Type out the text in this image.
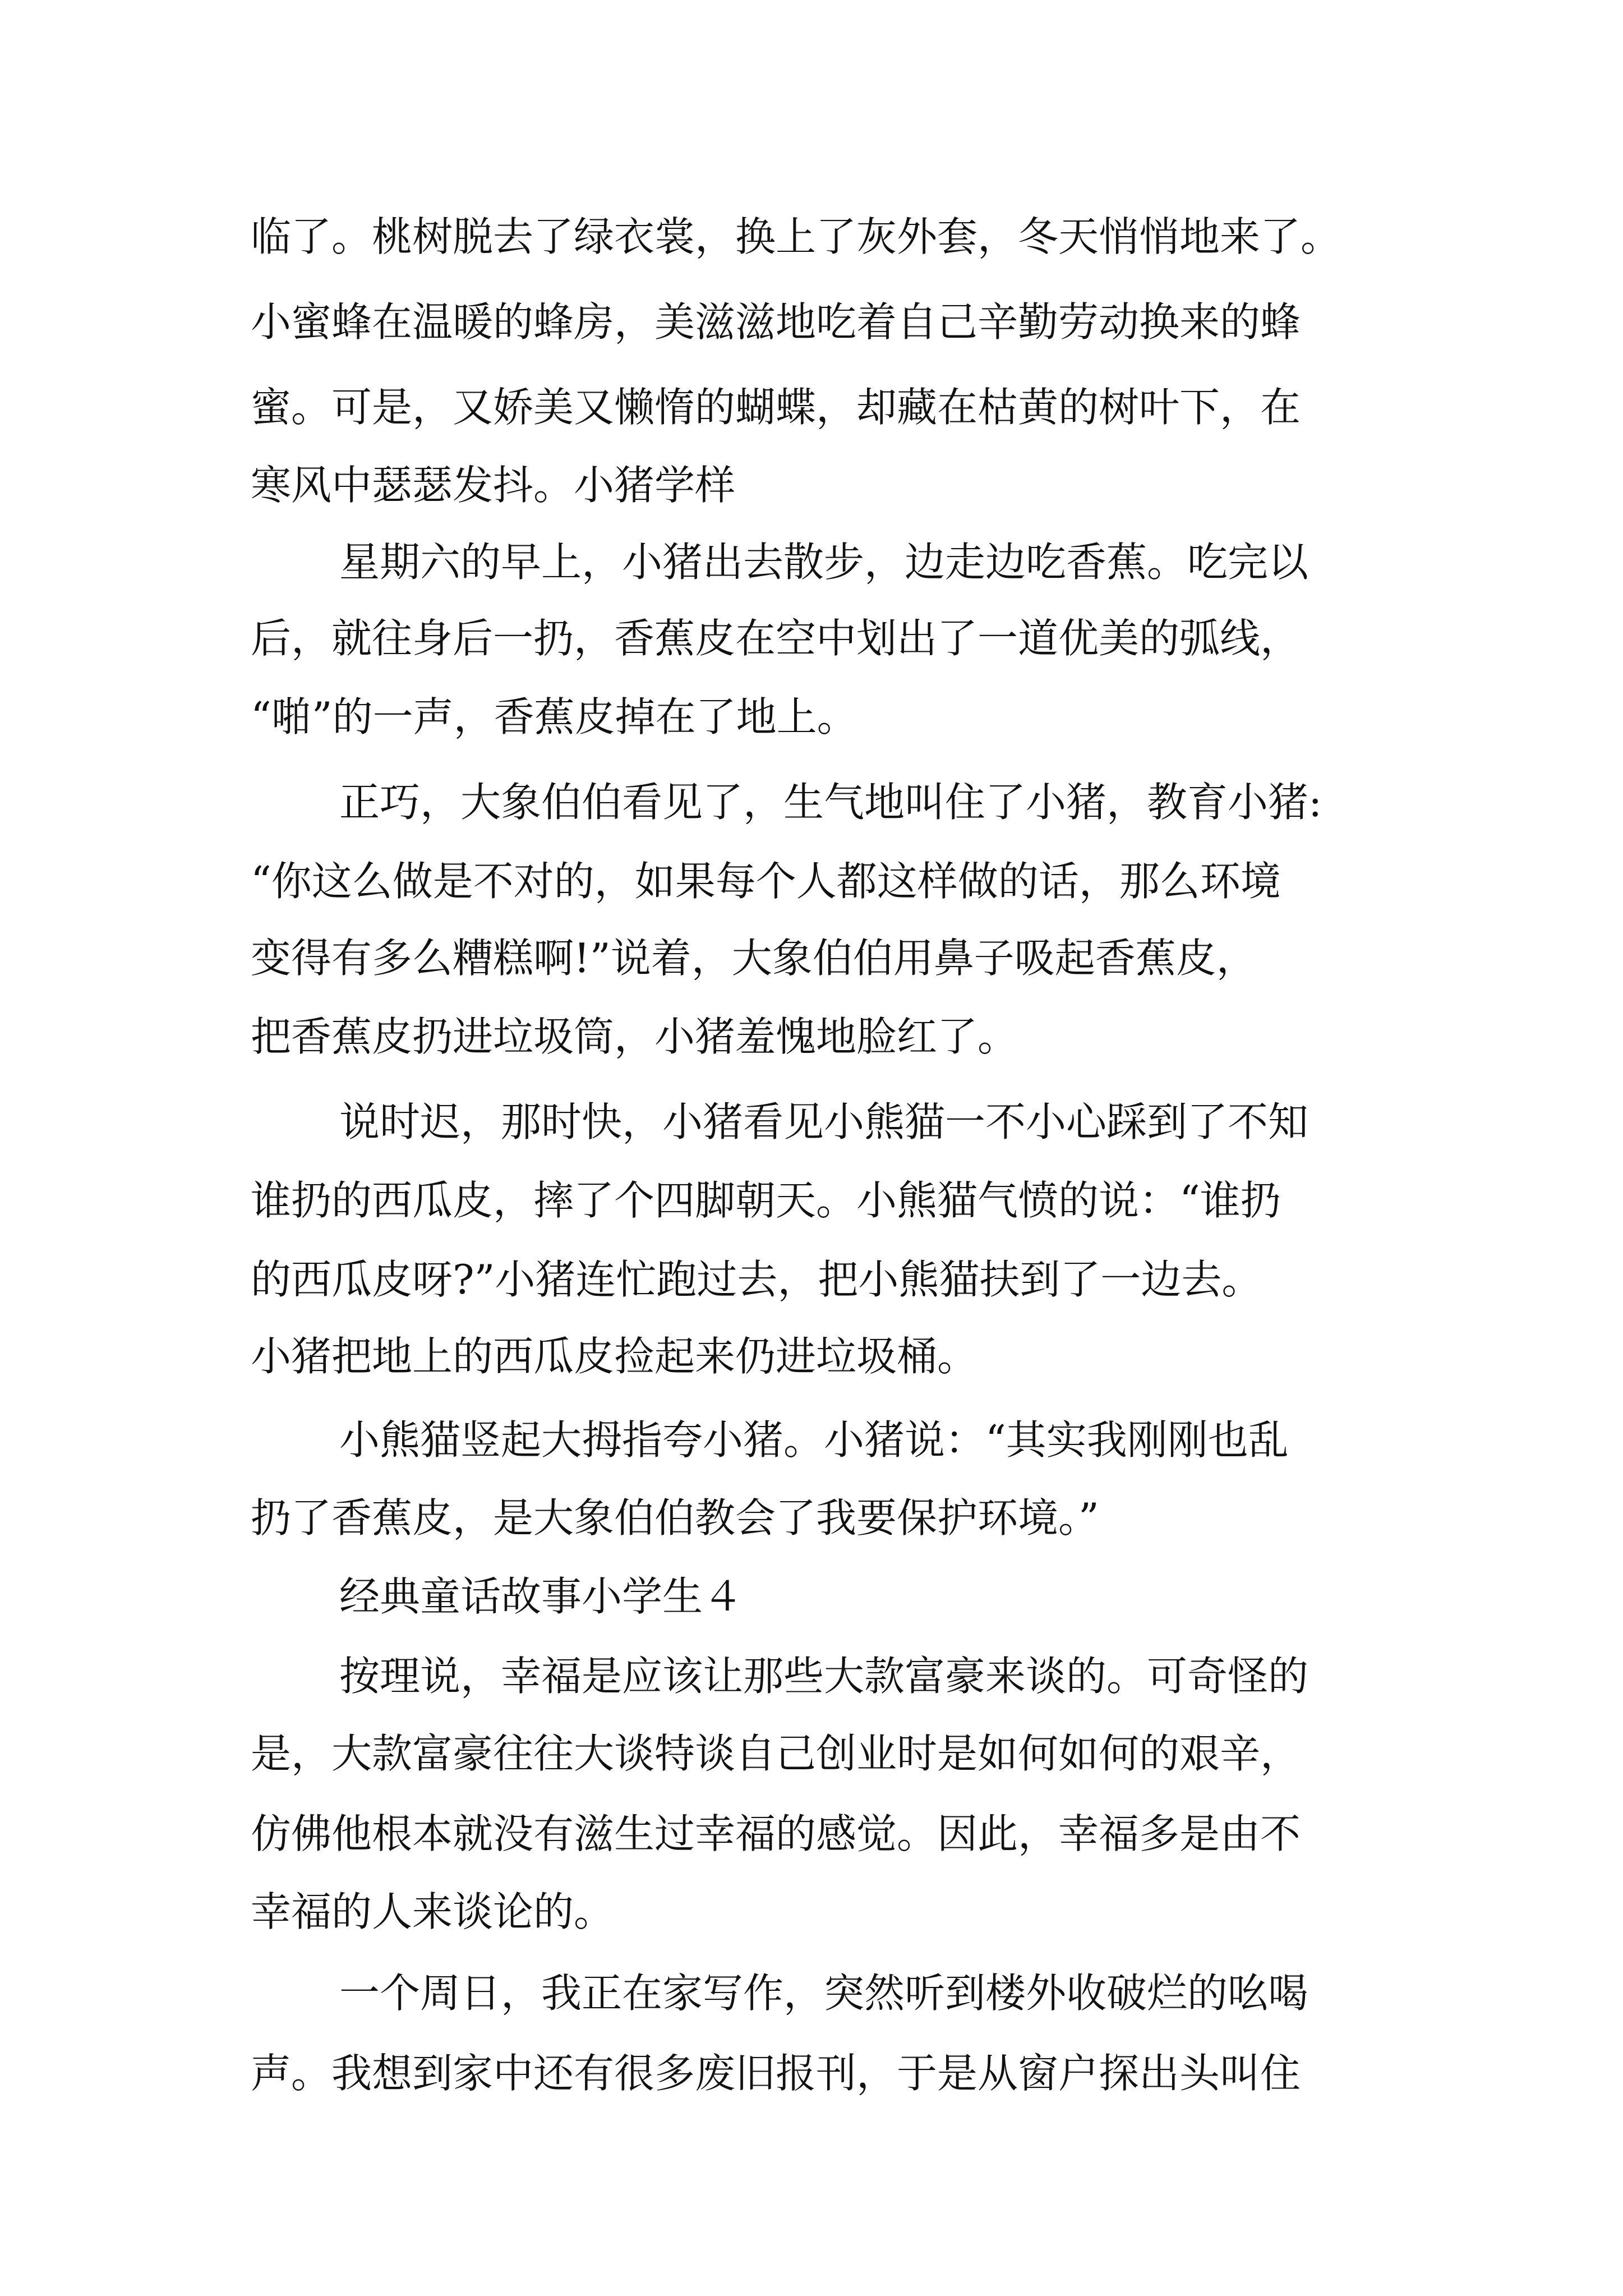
临了。桃树脱去了绿衣裳，换上了灰外套，冬天悄悄地来了。
小蜜蜂在温暖的蜂房，美滋滋地吃着自己辛勤劳动换来的蜂
蜜。可是，又娇美又懒惰的蝴蝶，却藏在枯黄的树叶下，在
寒风中瑟瑟发抖。小猪学样
星期六的早上，小猪出去散步，边走边吃香蕉。吃完以
后，就往身后一扔，香蕉皮在空中划出了一道优美的弧线，
“啪”的一声，香蕉皮掉在了地上。
正巧，大象伯伯看见了，生气地叫住了小猪，教育小猪:
“你这么做是不对的，如果每个人都这样做的话，那么环境
变得有多么糟糕啊!”说着，大象伯伯用鼻子吸起香蕉皮，
把香蕉皮扔进垃圾筒，小猪羞愧地脸红了。
说时迟，那时快，小猪看见小熊猫一不小心踩到了不知
谁扔的西瓜皮，摔了个四脚朝天。小熊猫气愤的说：“谁扔
的西瓜皮呀?”小猪连忙跑过去，把小熊猫扶到了一边去。
小猪把地上的西瓜皮捡起来仍进垃圾桶。
小熊猫竖起大拇指夸小猪。小猪说：“其实我刚刚也乱
扔了香蕉皮，是大象伯伯教会了我要保护环境。”
经典童话故事小学生４
按理说，幸福是应该让那些大款富豪来谈的。可奇怪的
是，大款富豪往往大谈特谈自己创业时是如何如何的艰辛，
仿佛他根本就没有滋生过幸福的感觉。因此，幸福多是由不
幸福的人来谈论的。
一个周日，我正在家写作，突然听到楼外收破烂的吆喝
声。我想到家中还有很多废旧报刊，于是从窗户探出头叫住
